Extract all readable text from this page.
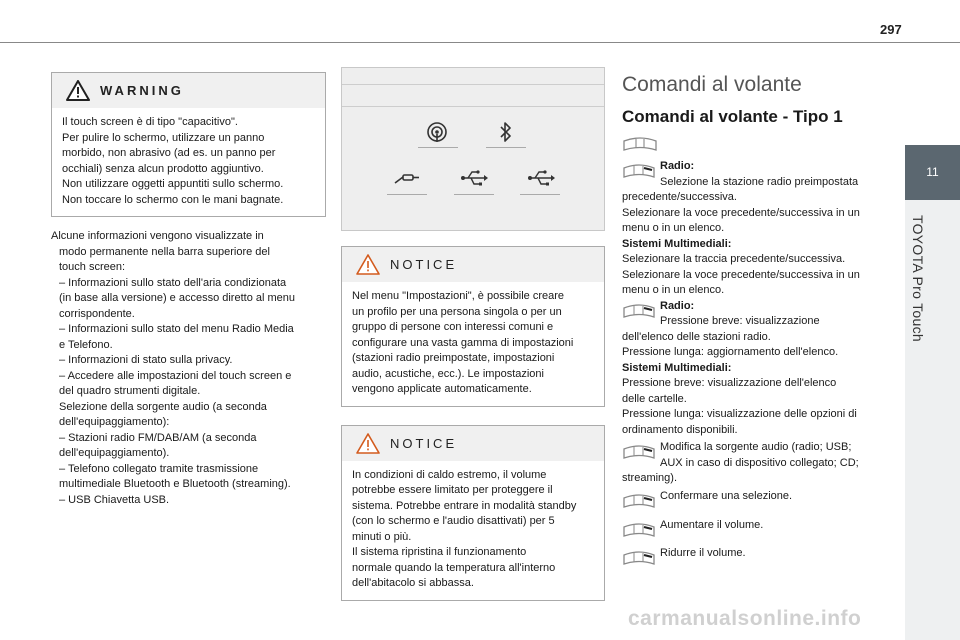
297
11
TOYOTA Pro Touch
WARNING
Il touch screen è di tipo "capacitivo".
Per pulire lo schermo, utilizzare un panno
morbido, non abrasivo (ad es. un panno per
occhiali) senza alcun prodotto aggiuntivo.
Non utilizzare oggetti appuntiti sullo schermo.
Non toccare lo schermo con le mani bagnate.

Alcune informazioni vengono visualizzate in
modo permanente nella barra superiore del
touch screen:
– Informazioni sullo stato dell'aria condizionata
(in base alla versione) e accesso diretto al menu
corrispondente.
– Informazioni sullo stato del menu Radio Media
e Telefono.
– Informazioni di stato sulla privacy.
– Accedere alle impostazioni del touch screen e
del quadro strumenti digitale.
Selezione della sorgente audio (a seconda
dell'equipaggiamento):
– Stazioni radio FM/DAB/AM (a seconda
dell'equipaggiamento).
– Telefono collegato tramite trasmissione
multimediale Bluetooth e Bluetooth (streaming).
– USB Chiavetta USB.
NOTICE
Nel menu "Impostazioni", è possibile creare
un profilo per una persona singola o per un
gruppo di persone con interessi comuni e
configurare una vasta gamma di impostazioni
(stazioni radio preimpostate, impostazioni
audio, acustiche, ecc.). Le impostazioni
vengono applicate automaticamente.

NOTICE
In condizioni di caldo estremo, il volume
potrebbe essere limitato per proteggere il
sistema. Potrebbe entrare in modalità standby
(con lo schermo e l'audio disattivati) per 5
minuti o più.
Il sistema ripristina il funzionamento
normale quando la temperatura all'interno
dell'abitacolo si abbassa.

Comandi al volante
Comandi al volante - Tipo 1
Radio:
Selezione la stazione radio preimpostata
precedente/successiva.
Selezionare la voce precedente/successiva in un
menu o in un elenco.
Sistemi Multimediali:
Selezionare la traccia precedente/successiva.
Selezionare la voce precedente/successiva in un
menu o in un elenco.
Radio:
Pressione breve: visualizzazione
dell'elenco delle stazioni radio.
Pressione lunga: aggiornamento dell'elenco.
Sistemi Multimediali:
Pressione breve: visualizzazione dell'elenco
delle cartelle.
Pressione lunga: visualizzazione delle opzioni di
ordinamento disponibili.
Modifica la sorgente audio (radio; USB;
AUX in caso di dispositivo collegato; CD;
streaming).
Confermare una selezione.
Aumentare il volume.
Ridurre il volume.
carmanualsonline.info
